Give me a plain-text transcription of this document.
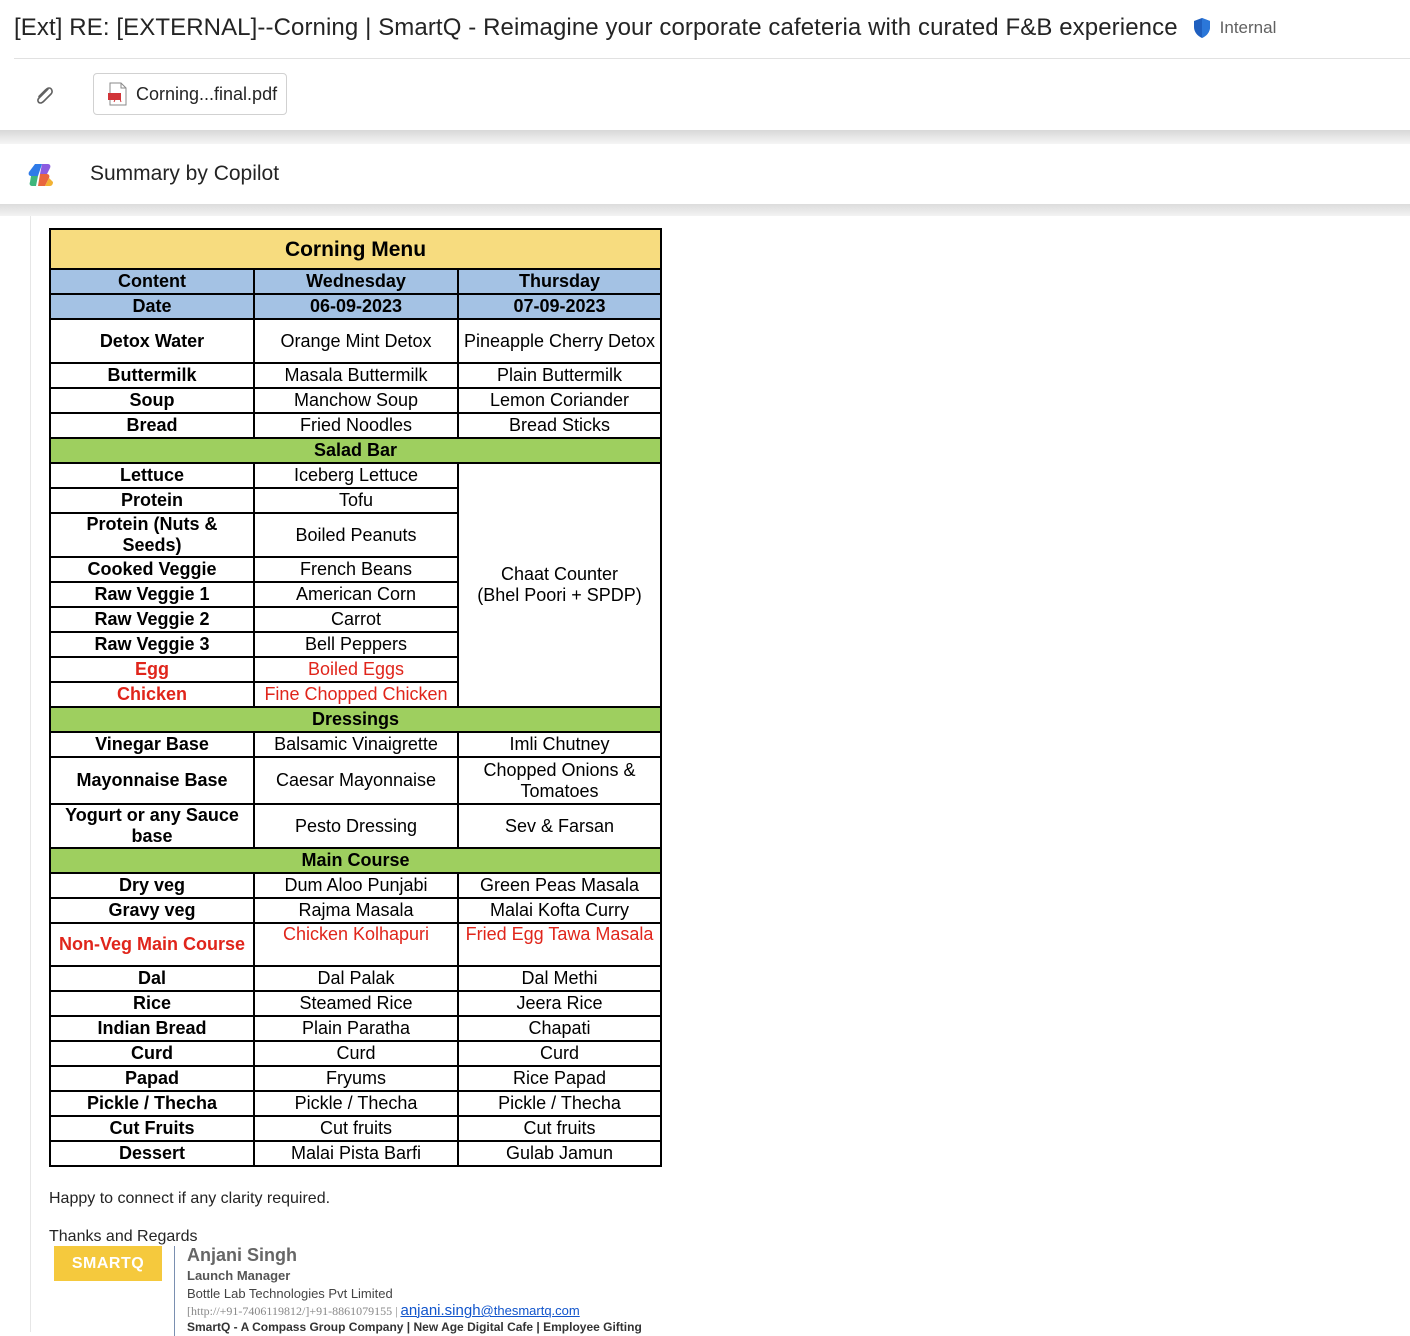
[Ext] RE: [EXTERNAL]--Corning | SmartQ - Reimagine your corporate cafeteria with curated F&B experience Internal
Corning...final.pdf
Summary by Copilot
Corning Menu		
Content	Wednesday	Thursday
Date	06-09-2023	07-09-2023
Detox Water	Orange Mint Detox	Pineapple Cherry Detox
Buttermilk	Masala Buttermilk	Plain Buttermilk
Soup	Manchow Soup	Lemon Coriander
Bread	Fried Noodles	Bread Sticks
Salad Bar		
Lettuce	Iceberg Lettuce	Chaat Counter
(Bhel Poori + SPDP)
Protein	Tofu	
Protein (Nuts & Seeds)	Boiled Peanuts	
Cooked Veggie	French Beans	
Raw Veggie 1	American Corn	
Raw Veggie 2	Carrot	
Raw Veggie 3	Bell Peppers	
Egg	Boiled Eggs	
Chicken	Fine Chopped Chicken	
Dressings		
Vinegar Base	Balsamic Vinaigrette	Imli Chutney
Mayonnaise Base	Caesar Mayonnaise	Chopped Onions & Tomatoes
Yogurt or any Sauce base	Pesto Dressing	Sev & Farsan
Main Course		
Dry veg	Dum Aloo Punjabi	Green Peas Masala
Gravy veg	Rajma Masala	Malai Kofta Curry
Non-Veg Main Course	Chicken Kolhapuri	Fried Egg Tawa Masala
Dal	Dal Palak	Dal Methi
Rice	Steamed Rice	Jeera Rice
Indian Bread	Plain Paratha	Chapati
Curd	Curd	Curd
Papad	Fryums	Rice Papad
Pickle / Thecha	Pickle / Thecha	Pickle / Thecha
Cut Fruits	Cut fruits	Cut fruits
Dessert	Malai Pista Barfi	Gulab Jamun
Happy to connect if any clarity required.
Thanks and Regards
SMARTQ Anjani Singh
Launch Manager
Bottle Lab Technologies Pvt Limited
[http://+91-7406119812/]+91-8861079155 | anjani.singh@thesmartq.com
SmartQ - A Compass Group Company | New Age Digital Cafe | Employee Gifting
